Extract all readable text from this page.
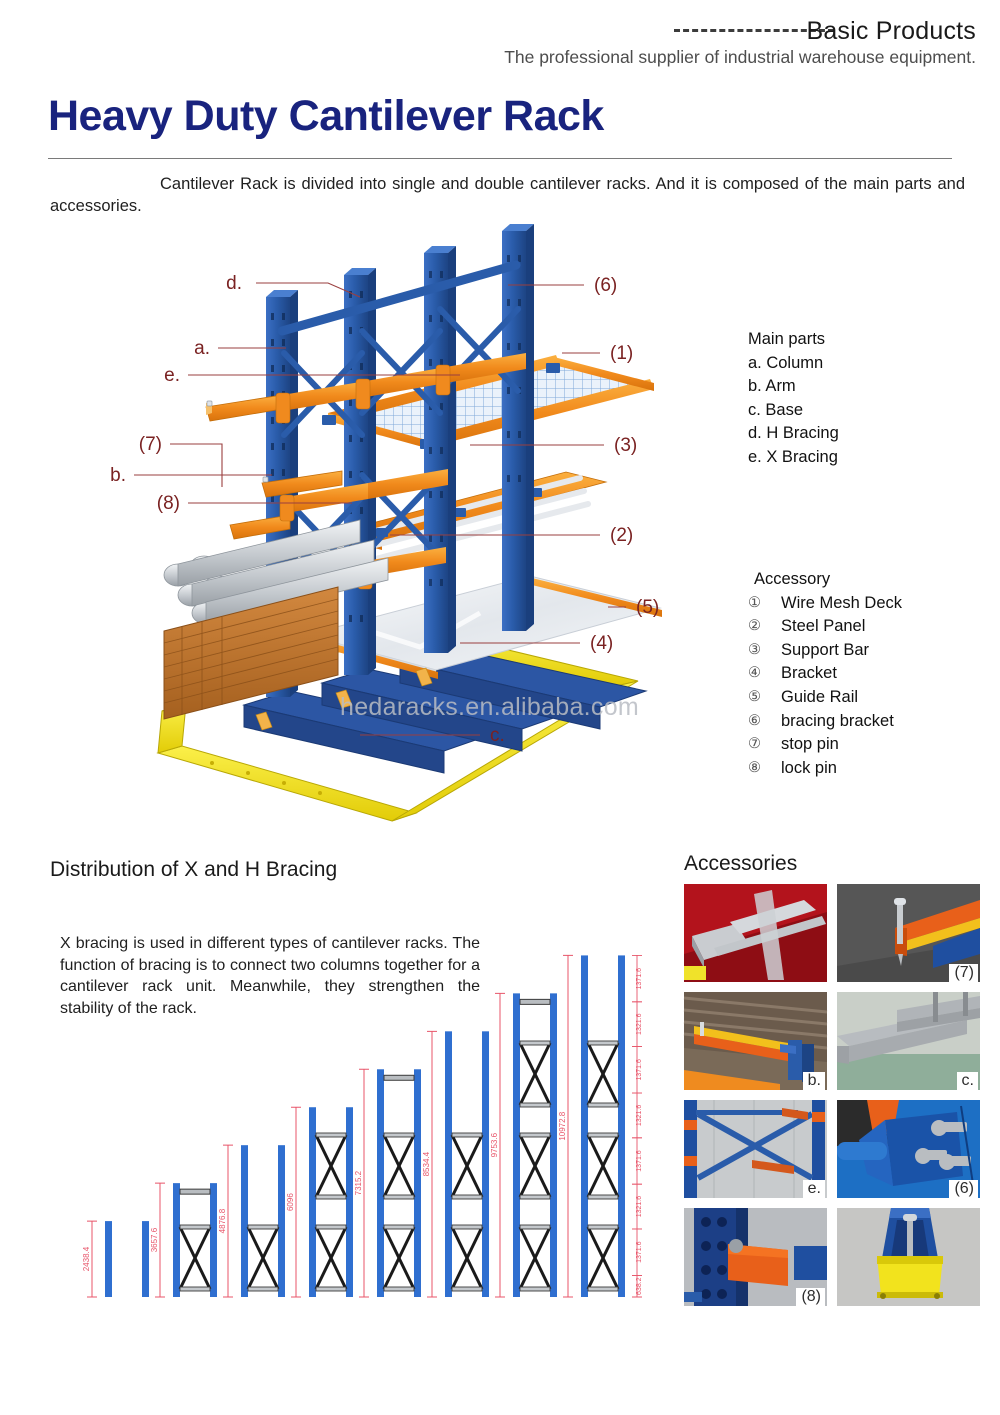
Basic Products
The professional supplier of industrial warehouse equipment.
Heavy Duty Cantilever Rack
Cantilever Rack is divided into single and double cantilever racks. And it is composed of the main parts and accessories.
d.
a.
e.
(7)
b.
(8)
(6)
(1)
(3)
(2)
(5)
(4)
c.
hedaracks.en.alibaba.com
Main parts
a. Column
b. Arm
c. Base
d. H Bracing
e. X Bracing
Accessory
①	Wire Mesh Deck
②	Steel Panel
③	Support Bar
④	Bracket
⑤	Guide Rail
⑥	bracing bracket
⑦	stop pin
⑧	lock pin
Distribution of X and H Bracing
X bracing is used in different types of cantilever racks. The function of bracing is to connect two columns together for a cantilever rack unit. Meanwhile, they strengthen the stability of the rack.
2438.4
3657.6
4876.8
6096
7315.2
8534.4
9753.6
10972.8
638.2
1371.6
1321.6
1371.6
1321.6
1371.6
1321.6
1371.6
Accessories
(7)
b.	c.
e.	(6)
(8)
